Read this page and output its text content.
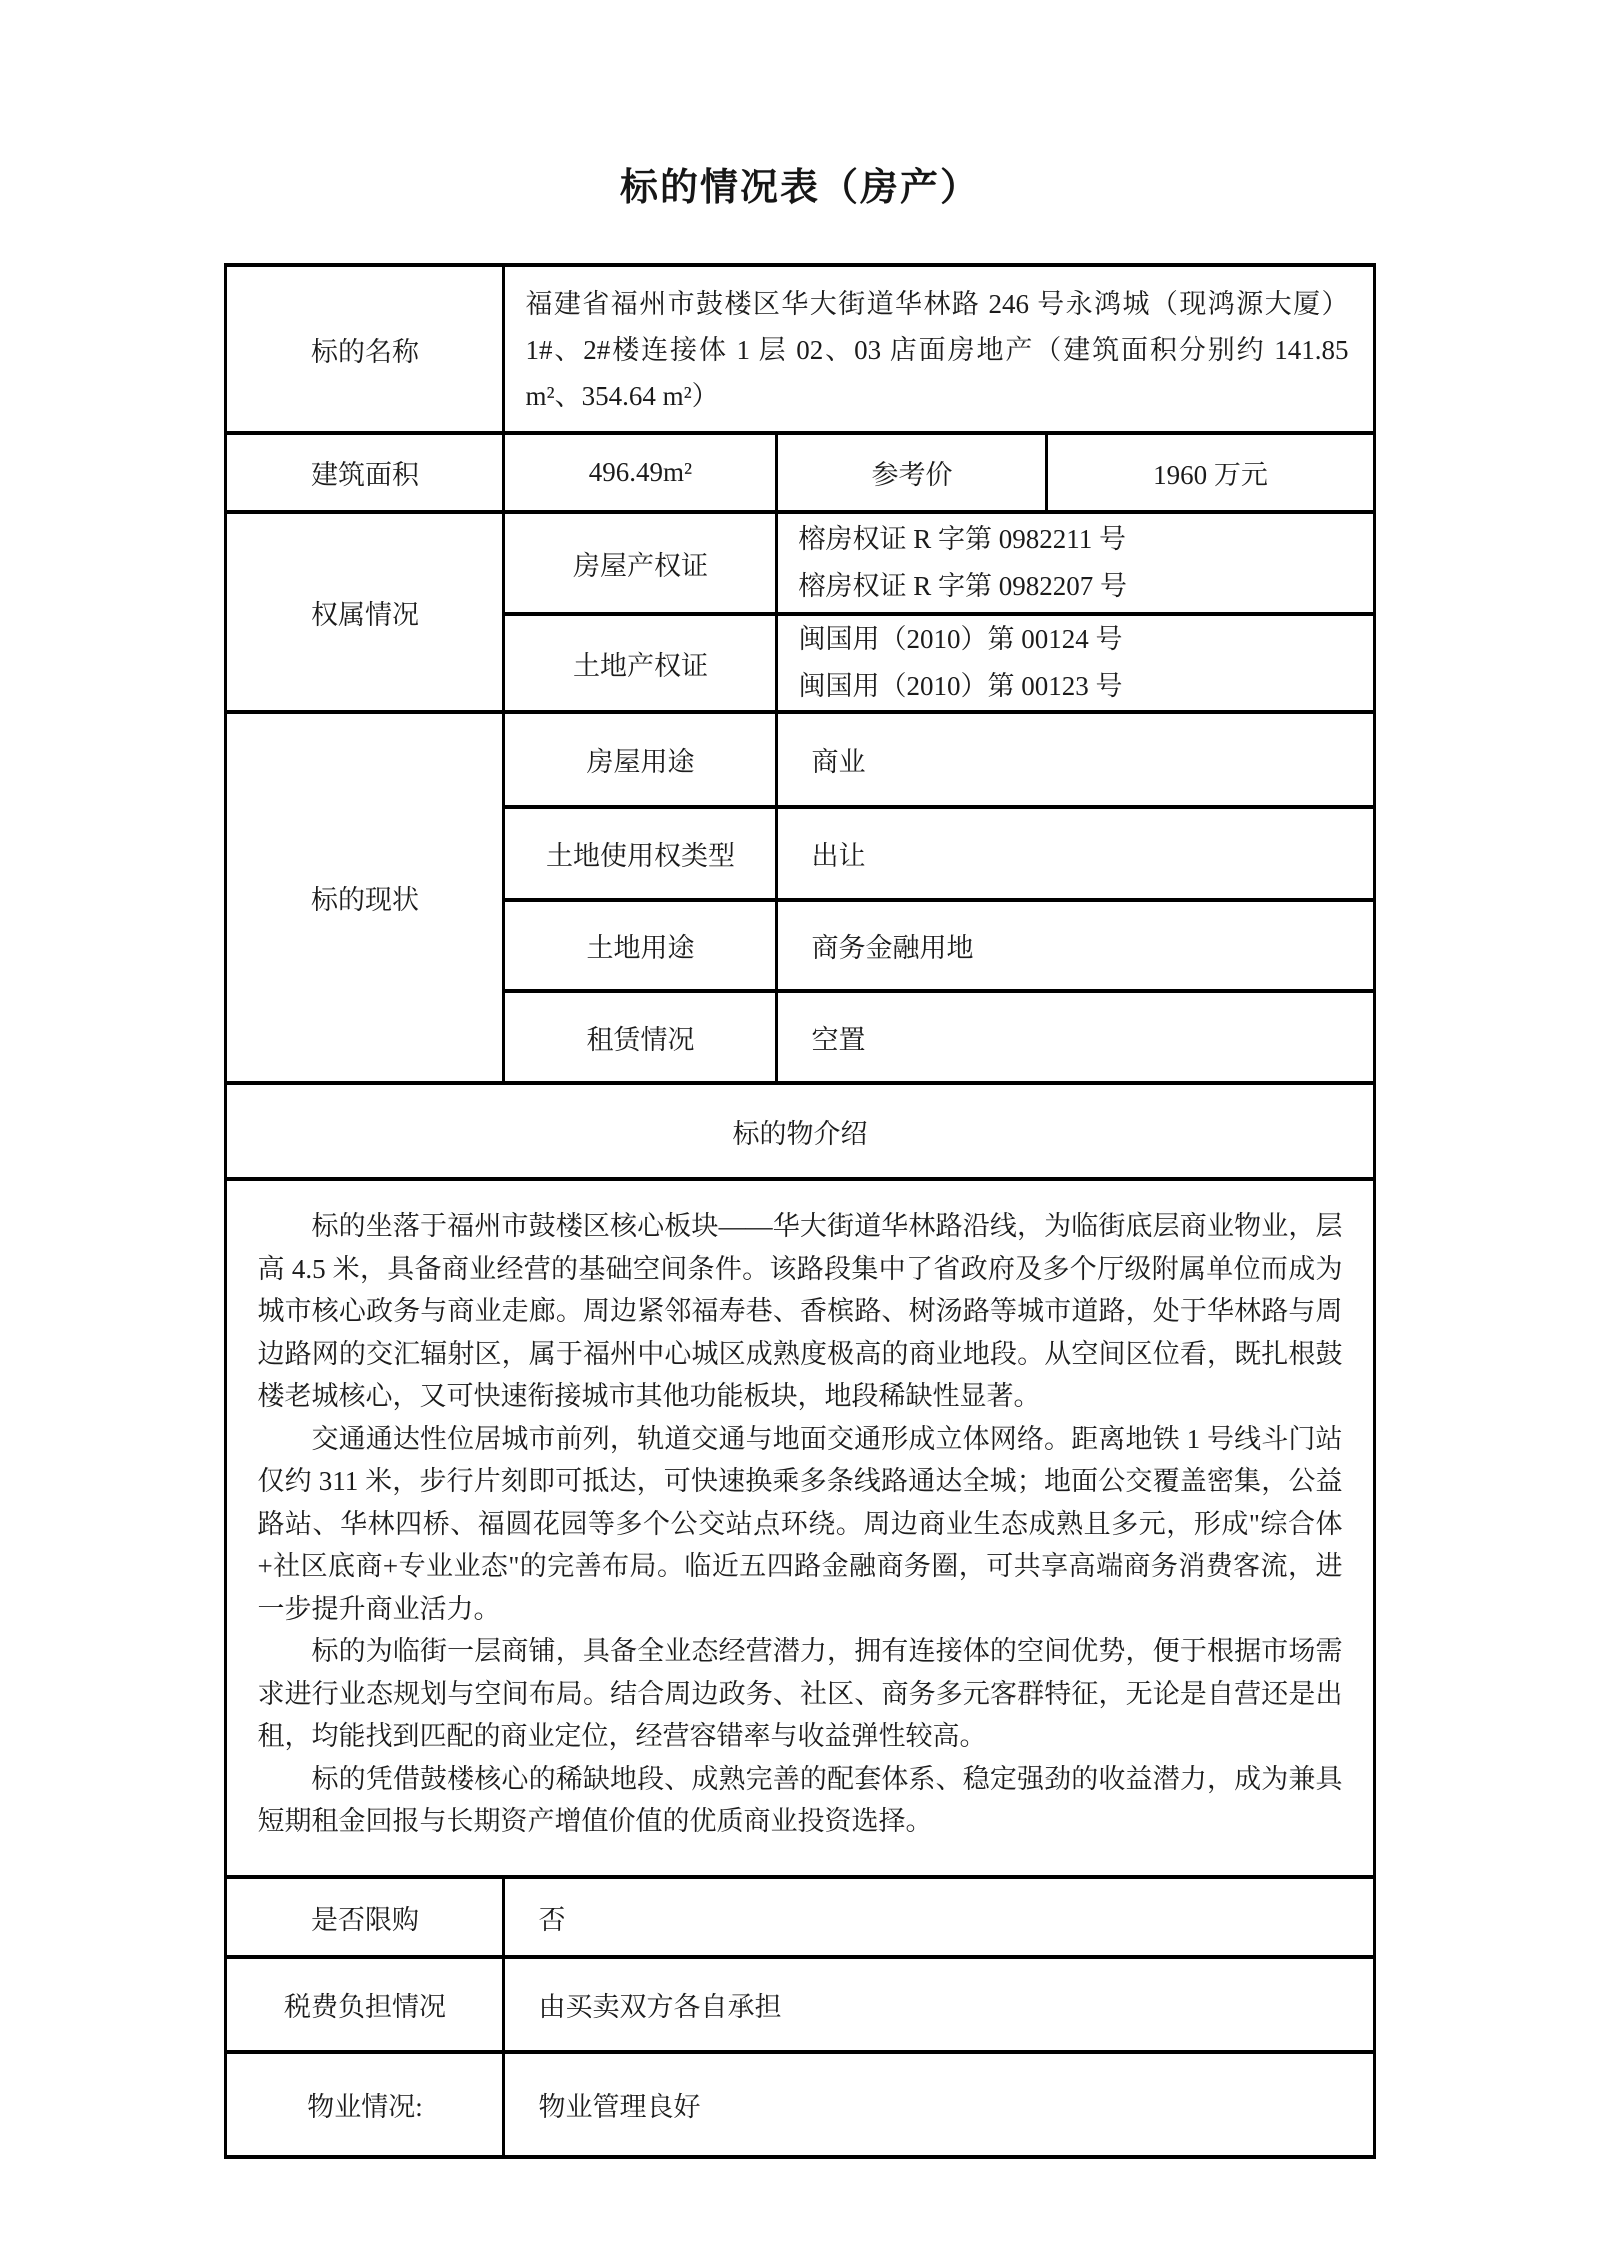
标的情况表（房产）
标的名称	福建省福州市鼓楼区华大街道华林路 246 号永鸿城（现鸿源大厦）1#、2#楼连接体 1 层 02、03 店面房地产（建筑面积分别约 141.85 m²、354.64 m²）		
建筑面积	496.49m²	参考价	1960 万元
权属情况	房屋产权证	榕房权证 R 字第 0982211 号
榕房权证 R 字第 0982207 号	

	土地产权证	闽国用（2010）第 00124 号
闽国用（2010）第 00123 号	

标的现状	房屋用途	商业	
	土地使用权类型	出让	
	土地用途	商务金融用地	
	租赁情况	空置	
标的物介绍			

标的坐落于福州市鼓楼区核心板块——华大街道华林路沿线，为临街底层商业物业，层高 4.5 米，具备商业经营的基础空间条件。该路段集中了省政府及多个厅级附属单位而成为城市核心政务与商业走廊。周边紧邻福寿巷、香槟路、树汤路等城市道路，处于华林路与周边路网的交汇辐射区，属于福州中心城区成熟度极高的商业地段。从空间区位看，既扎根鼓楼老城核心，又可快速衔接城市其他功能板块，地段稀缺性显著。

交通通达性位居城市前列，轨道交通与地面交通形成立体网络。距离地铁 1 号线斗门站仅约 311 米，步行片刻即可抵达，可快速换乘多条线路通达全城；地面公交覆盖密集，公益路站、华林四桥、福圆花园等多个公交站点环绕。周边商业生态成熟且多元，形成"综合体+社区底商+专业业态"的完善布局。临近五四路金融商务圈，可共享高端商务消费客流，进一步提升商业活力。

标的为临街一层商铺，具备全业态经营潜力，拥有连接体的空间优势，便于根据市场需求进行业态规划与空间布局。结合周边政务、社区、商务多元客群特征，无论是自营还是出租，均能找到匹配的商业定位，经营容错率与收益弹性较高。

标的凭借鼓楼核心的稀缺地段、成熟完善的配套体系、稳定强劲的收益潜力，成为兼具短期租金回报与长期资产增值价值的优质商业投资选择。			

是否限购	否		
税费负担情况	由买卖双方各自承担		
物业情况:	物业管理良好		
